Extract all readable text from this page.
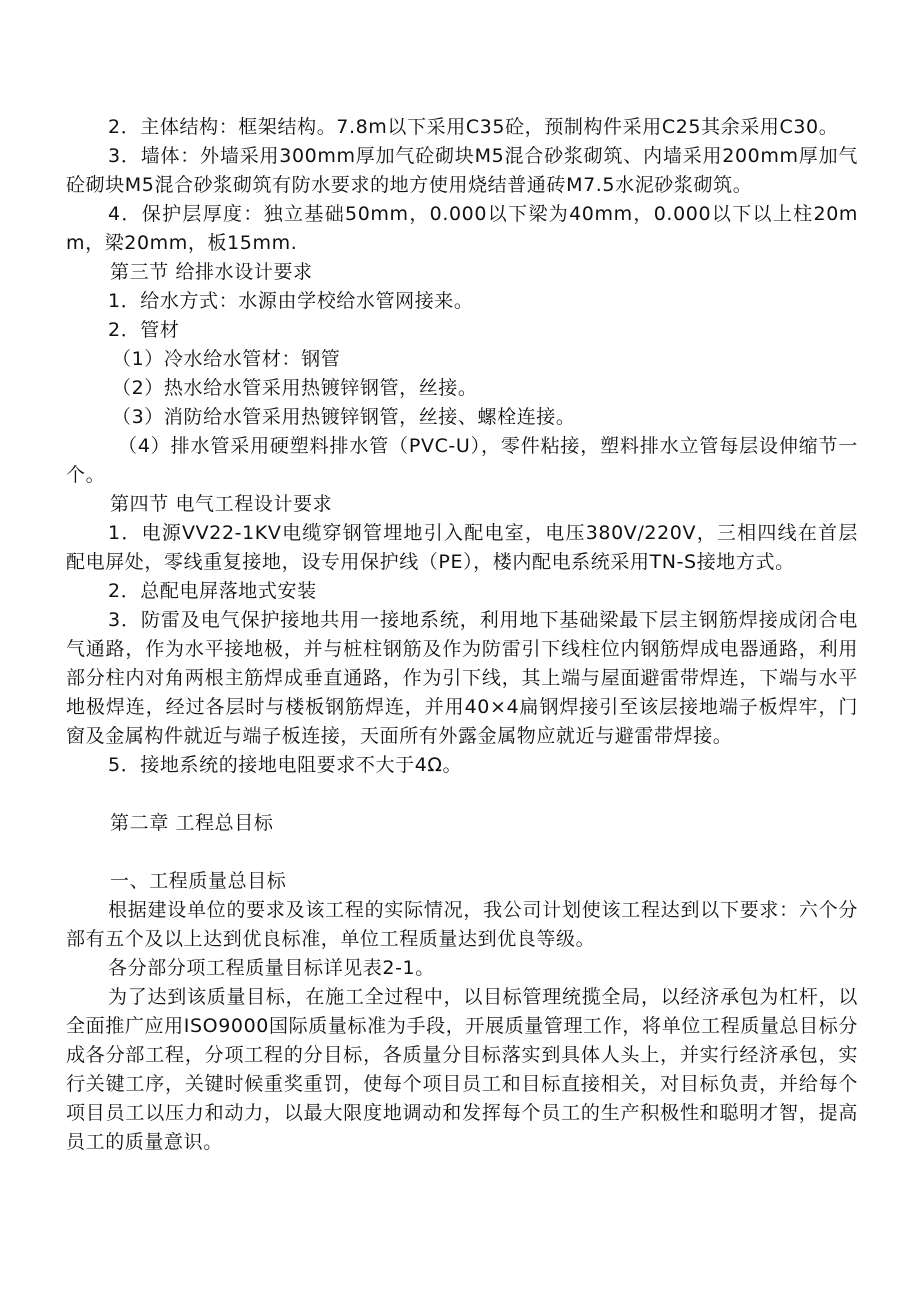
2．主体结构：框架结构。7.8m以下采用C35砼，预制构件采用C25其余采用C30。

3．墙体：外墙采用300mm厚加气砼砌块M5混合砂浆砌筑、内墙采用200mm厚加气砼砌块M5混合砂浆砌筑有防水要求的地方使用烧结普通砖M7.5水泥砂浆砌筑。

4．保护层厚度：独立基础50mm，0.000以下梁为40mm，0.000以下以上柱20mm，梁20mm，板15mm.

第三节 给排水设计要求

1．给水方式：水源由学校给水管网接来。

2．管材

（1）冷水给水管材：钢管

（2）热水给水管采用热镀锌钢管，丝接。

（3）消防给水管采用热镀锌钢管，丝接、螺栓连接。

（4）排水管采用硬塑料排水管（PVC-U），零件粘接，塑料排水立管每层设伸缩节一个。

第四节 电气工程设计要求

1．电源VV22-1KV电缆穿钢管埋地引入配电室，电压380V/220V，三相四线在首层配电屏处，零线重复接地，设专用保护线（PE），楼内配电系统采用TN-S接地方式。

2．总配电屏落地式安装

3．防雷及电气保护接地共用一接地系统，利用地下基础梁最下层主钢筋焊接成闭合电气通路，作为水平接地极，并与桩柱钢筋及作为防雷引下线柱位内钢筋焊成电器通路，利用部分柱内对角两根主筋焊成垂直通路，作为引下线，其上端与屋面避雷带焊连，下端与水平地极焊连，经过各层时与楼板钢筋焊连，并用40×4扁钢焊接引至该层接地端子板焊牢，门窗及金属构件就近与端子板连接，天面所有外露金属物应就近与避雷带焊接。

5．接地系统的接地电阻要求不大于4Ω。

第二章 工程总目标

一、工程质量总目标

根据建设单位的要求及该工程的实际情况，我公司计划使该工程达到以下要求：六个分部有五个及以上达到优良标准，单位工程质量达到优良等级。

各分部分项工程质量目标详见表2-1。

为了达到该质量目标，在施工全过程中，以目标管理统揽全局，以经济承包为杠杆，以全面推广应用ISO9000国际质量标准为手段，开展质量管理工作，将单位工程质量总目标分成各分部工程，分项工程的分目标，各质量分目标落实到具体人头上，并实行经济承包，实行关键工序，关键时候重奖重罚，使每个项目员工和目标直接相关，对目标负责，并给每个项目员工以压力和动力，以最大限度地调动和发挥每个员工的生产积极性和聪明才智，提高员工的质量意识。
